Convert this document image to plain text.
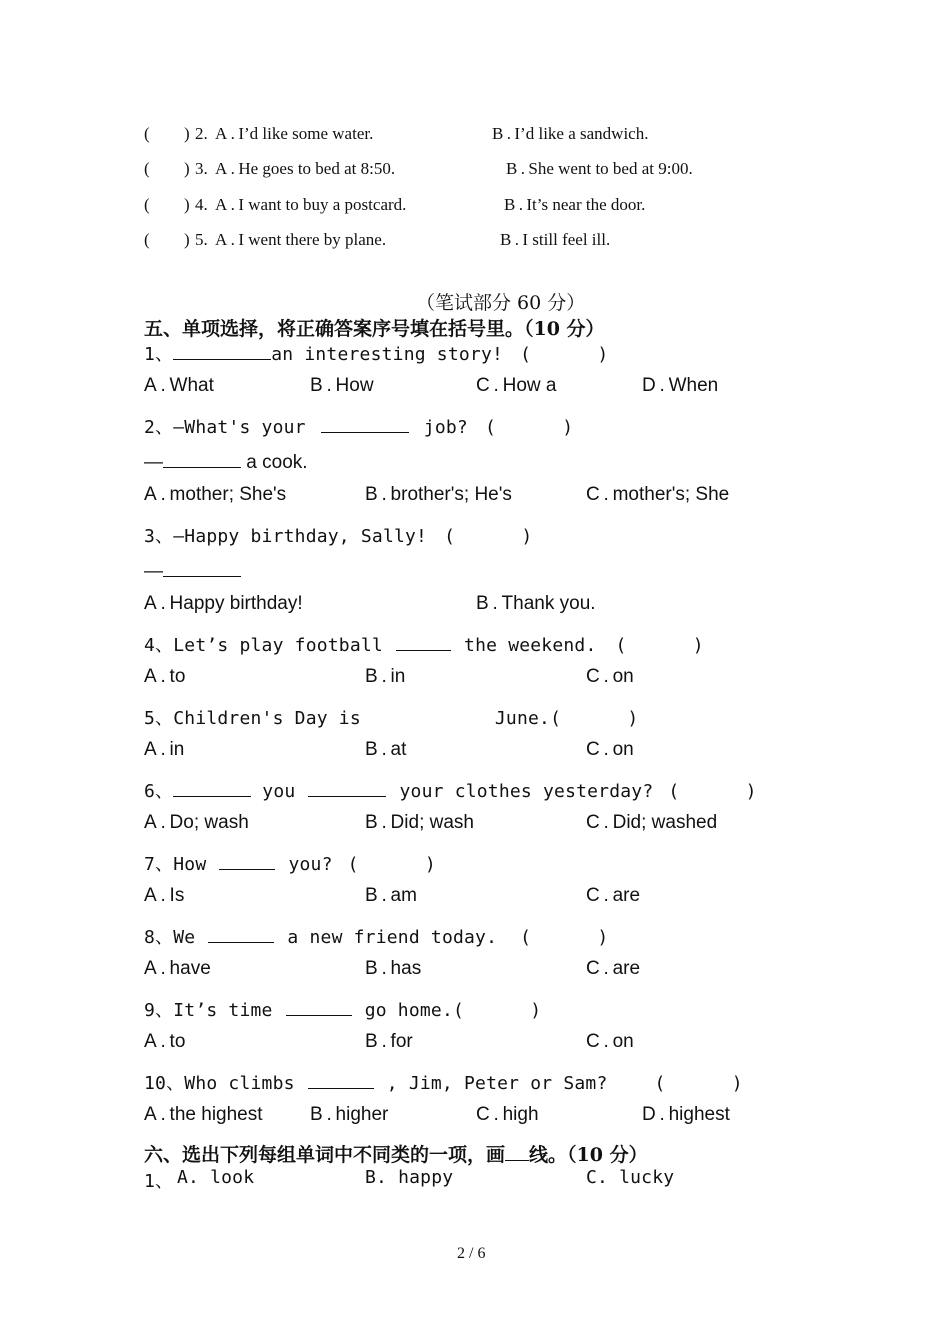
( ) 2. A . I’d like some water.	B . I’d like a sandwich.
( ) 3. A . He goes to bed at 8:50.	B . She went to bed at 9:00.
( ) 4. A . I want to buy a postcard.	B . It’s near the door.
( ) 5. A . I went there by plane.	B . I still feel ill.
（笔试部分 60 分）
五、单项选择，将正确答案序号填在括号里。（10 分）
1、	an interesting story! (      )
A . What	B . How	C . How a	D . When
2、—What's your	job? (      )
—	a cook.
A . mother; She's	B . brother's; He's	C . mother's; She
3、—Happy birthday, Sally! (      )
—
A . Happy birthday!	B . Thank you.
4、Let’s play football	the weekend. (      )
A . to	B . in	C . on
5、Children's Day is	June.(      )
A . in	B . at	C . on
6、	you	your clothes yesterday? (      )
A . Do; wash	B . Did; wash	C . Did; washed
7、How	you? (      )
A . Is	B . am	C . are
8、We	a new friend today. (      )
A . have	B . has	C . are
9、It’s time	go home.(      )
A . to	B . for	C . on
10、Who climbs	, Jim, Peter or Sam?	(      )
A . the highest B . higher	C . high	D . highest
六、选出下列每组单词中不同类的一项，画 线。（10 分）
1、 A. look	B. happy	C. lucky
2 / 6
